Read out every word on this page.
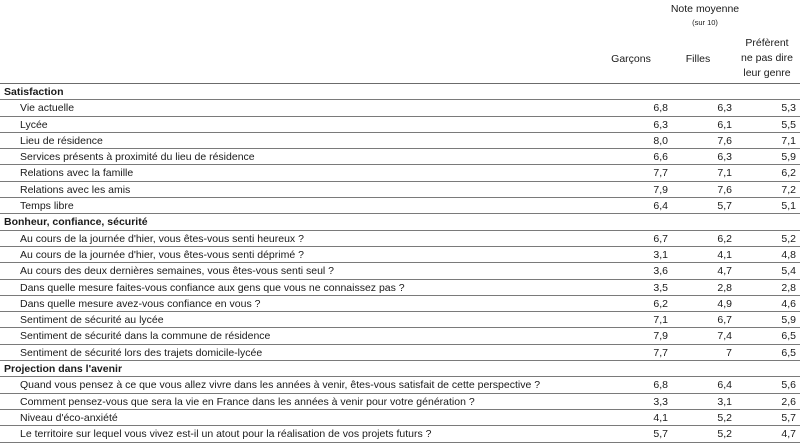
Note moyenne
(sur 10)
Garçons	Filles
Préfèrent
ne pas dire
leur genre
Satisfaction
Vie actuelle	6,8	6,3	5,3
Lycée	6,3	6,1	5,5
Lieu de résidence	8,0	7,6	7,1
Services présents à proximité du lieu de résidence	6,6	6,3	5,9
Relations avec la famille	7,7	7,1	6,2
Relations avec les amis	7,9	7,6	7,2
Temps libre	6,4	5,7	5,1
Bonheur, confiance, sécurité
Au cours de la journée d'hier, vous êtes-vous senti heureux ?	6,7	6,2	5,2
Au cours de la journée d'hier, vous êtes-vous senti déprimé ?	3,1	4,1	4,8
Au cours des deux dernières semaines, vous êtes-vous senti seul ?	3,6	4,7	5,4
Dans quelle mesure faites-vous confiance aux gens que vous ne connaissez pas ?	3,5	2,8	2,8
Dans quelle mesure avez-vous confiance en vous ?	6,2	4,9	4,6
Sentiment de sécurité au lycée	7,1	6,7	5,9
Sentiment de sécurité dans la commune de résidence	7,9	7,4	6,5
Sentiment de sécurité lors des trajets domicile-lycée	7,7	7	6,5
Projection dans l'avenir
Quand vous pensez à ce que vous allez vivre dans les années à venir, êtes-vous satisfait de cette perspective ?	6,8	6,4	5,6
Comment pensez-vous que sera la vie en France dans les années à venir pour votre génération ?	3,3	3,1	2,6
Niveau d'éco-anxiété	4,1	5,2	5,7
Le territoire sur lequel vous vivez est-il un atout pour la réalisation de vos projets futurs ?	5,7	5,2	4,7
